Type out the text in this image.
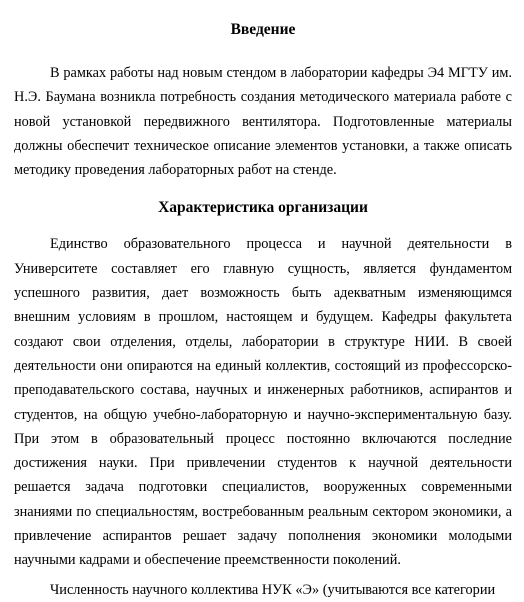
Введение

В рамках работы над новым стендом в лаборатории кафедры Э4 МГТУ им. Н.Э. Баумана возникла потребность создания методического материала работе с новой установкой передвижного вентилятора. Подготовленные материалы должны обеспечит техническое описание элементов установки, а также описать методику проведения лабораторных работ на стенде.

Характеристика организации

Единство образовательного процесса и научной деятельности в Университете составляет его главную сущность, является фундаментом успешного развития, дает возможность быть адекватным изменяющимся внешним условиям в прошлом, настоящем и будущем. Кафедры факультета создают свои отделения, отделы, лаборатории в структуре НИИ. В своей деятельности они опираются на единый коллектив, состоящий из профессорско-преподавательского состава, научных и инженерных работников, аспирантов и студентов, на общую учебно-лабораторную и научно-экспериментальную базу. При этом в образовательный процесс постоянно включаются последние достижения науки. При привлечении студентов к научной деятельности решается задача подготовки специалистов, вооруженных современными знаниями по специальностям, востребованным реальным сектором экономики, а привлечение аспирантов решает задачу пополнения экономики молодыми научными кадрами и обеспечение преемственности поколений.

Численность научного коллектива НУК «Э» (учитываются все категории
